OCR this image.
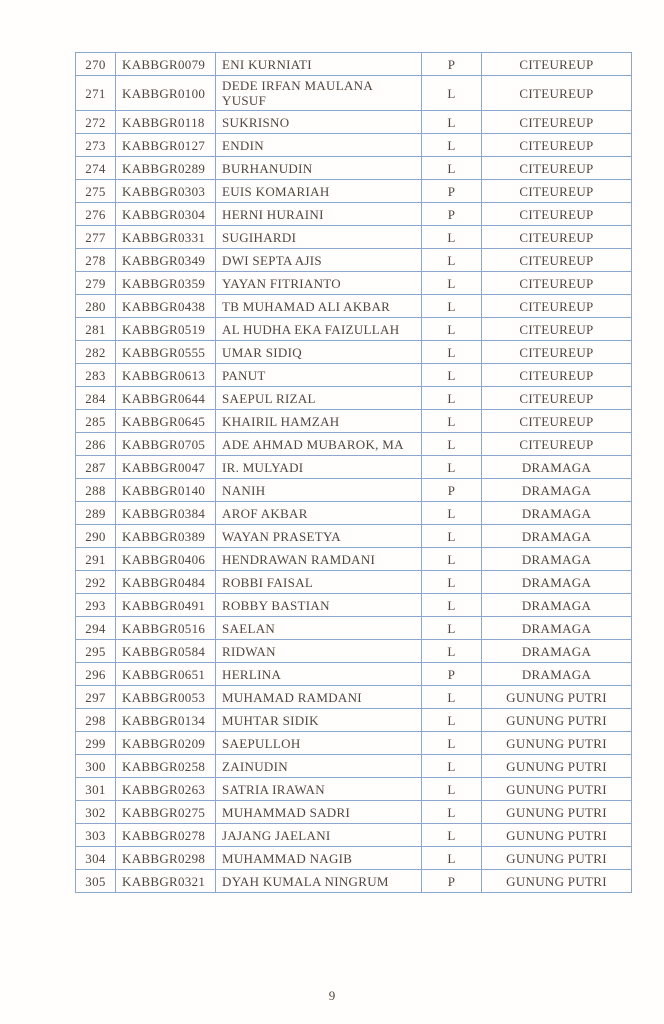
270	KABBGR0079	ENI KURNIATI	P	CITEUREUP
271	KABBGR0100	DEDE IRFAN MAULANA YUSUF	L	CITEUREUP
272	KABBGR0118	SUKRISNO	L	CITEUREUP
273	KABBGR0127	ENDIN	L	CITEUREUP
274	KABBGR0289	BURHANUDIN	L	CITEUREUP
275	KABBGR0303	EUIS KOMARIAH	P	CITEUREUP
276	KABBGR0304	HERNI HURAINI	P	CITEUREUP
277	KABBGR0331	SUGIHARDI	L	CITEUREUP
278	KABBGR0349	DWI SEPTA AJIS	L	CITEUREUP
279	KABBGR0359	YAYAN FITRIANTO	L	CITEUREUP
280	KABBGR0438	TB MUHAMAD ALI AKBAR	L	CITEUREUP
281	KABBGR0519	AL HUDHA EKA FAIZULLAH	L	CITEUREUP
282	KABBGR0555	UMAR SIDIQ	L	CITEUREUP
283	KABBGR0613	PANUT	L	CITEUREUP
284	KABBGR0644	SAEPUL RIZAL	L	CITEUREUP
285	KABBGR0645	KHAIRIL HAMZAH	L	CITEUREUP
286	KABBGR0705	ADE AHMAD MUBAROK, MA	L	CITEUREUP
287	KABBGR0047	IR. MULYADI	L	DRAMAGA
288	KABBGR0140	NANIH	P	DRAMAGA
289	KABBGR0384	AROF AKBAR	L	DRAMAGA
290	KABBGR0389	WAYAN PRASETYA	L	DRAMAGA
291	KABBGR0406	HENDRAWAN RAMDANI	L	DRAMAGA
292	KABBGR0484	ROBBI FAISAL	L	DRAMAGA
293	KABBGR0491	ROBBY BASTIAN	L	DRAMAGA
294	KABBGR0516	SAELAN	L	DRAMAGA
295	KABBGR0584	RIDWAN	L	DRAMAGA
296	KABBGR0651	HERLINA	P	DRAMAGA
297	KABBGR0053	MUHAMAD RAMDANI	L	GUNUNG PUTRI
298	KABBGR0134	MUHTAR SIDIK	L	GUNUNG PUTRI
299	KABBGR0209	SAEPULLOH	L	GUNUNG PUTRI
300	KABBGR0258	ZAINUDIN	L	GUNUNG PUTRI
301	KABBGR0263	SATRIA IRAWAN	L	GUNUNG PUTRI
302	KABBGR0275	MUHAMMAD SADRI	L	GUNUNG PUTRI
303	KABBGR0278	JAJANG JAELANI	L	GUNUNG PUTRI
304	KABBGR0298	MUHAMMAD NAGIB	L	GUNUNG PUTRI
305	KABBGR0321	DYAH KUMALA NINGRUM	P	GUNUNG PUTRI
9
